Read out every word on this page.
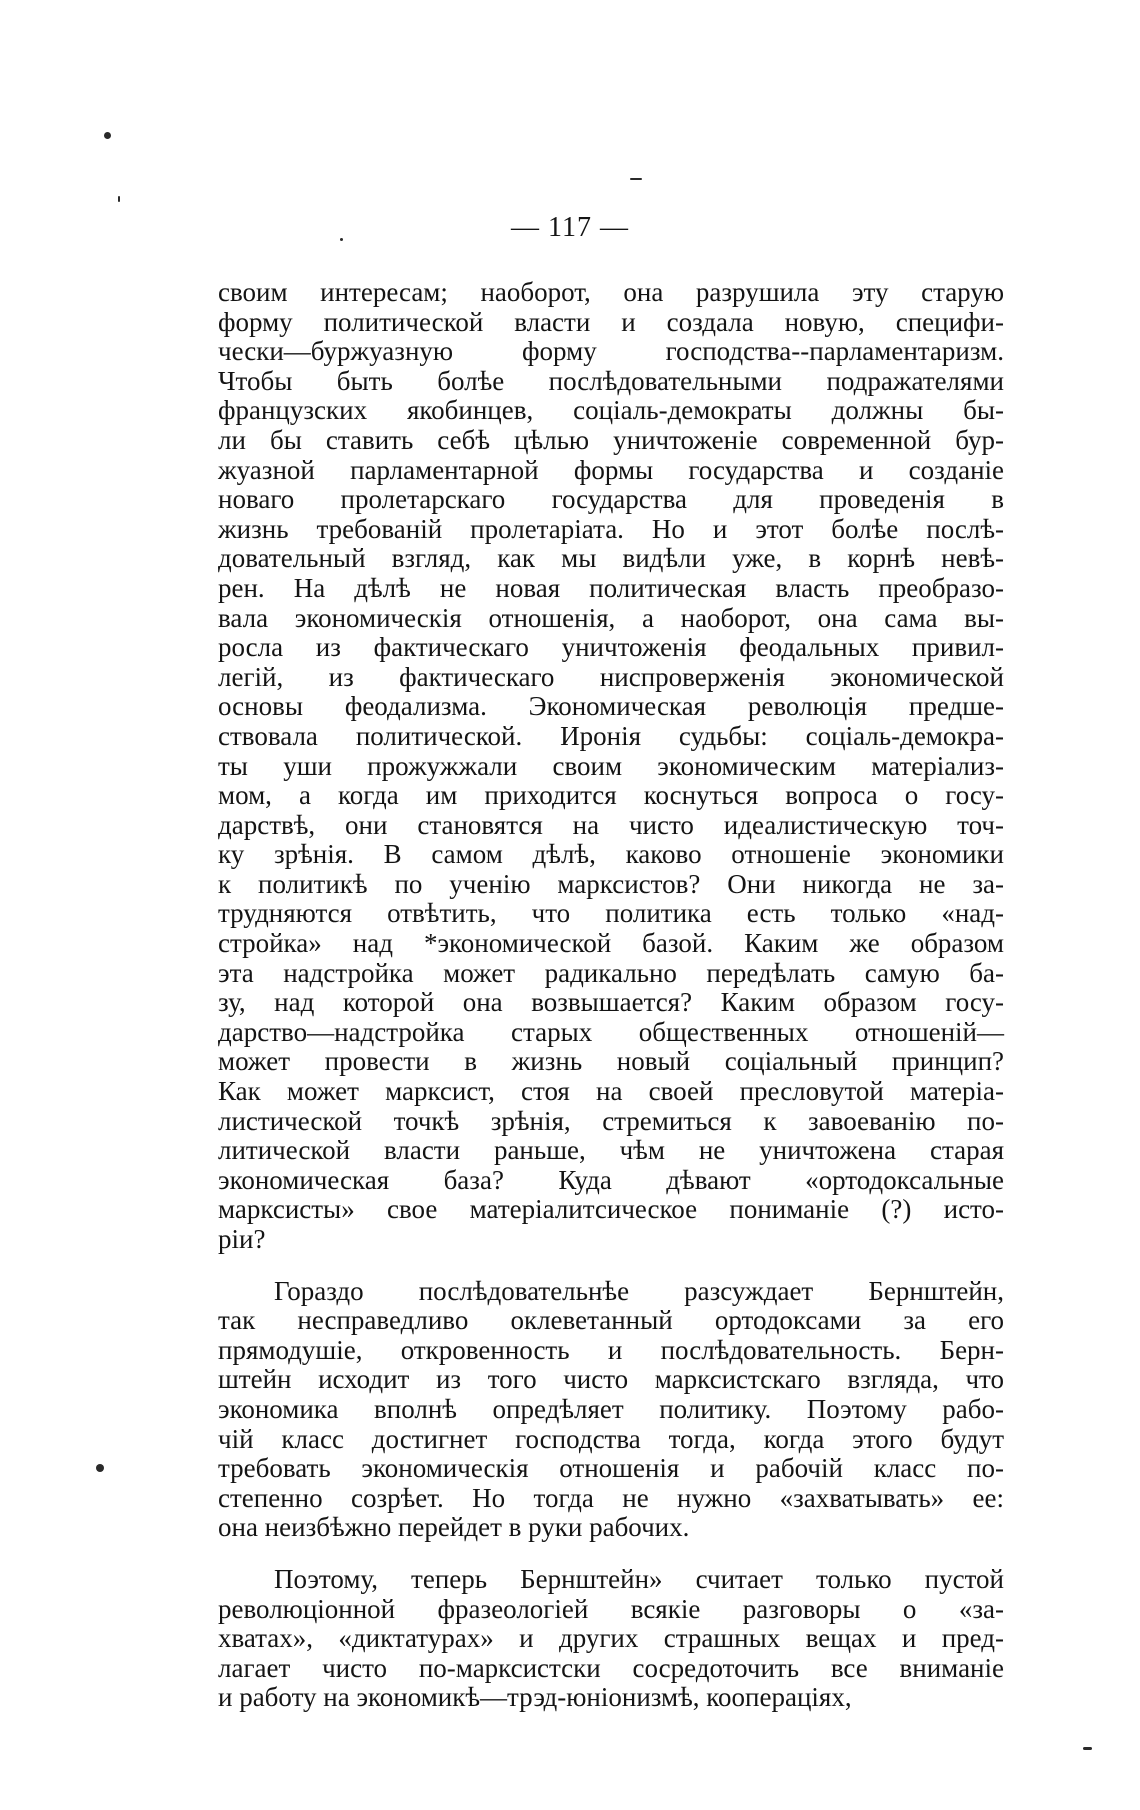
— 117 —
своим интересам; наоборот, она разрушила эту старую
форму политической власти и создала новую, специфи-
чески—буржуазную форму господства--парламентаризм.
Чтобы быть болѣе послѣдовательными подражателями
французских якобинцев, соціаль-демократы должны бы-
ли бы ставить себѣ цѣлью уничтоженіе современной бур-
жуазной парламентарной формы государства и созданіе
новаго пролетарскаго государства для проведенія в
жизнь требованій пролетаріата. Но и этот болѣе послѣ-
довательный взгляд, как мы видѣли уже, в корнѣ невѣ-
рен. На дѣлѣ не новая политическая власть преобразо-
вала экономическія отношенія, а наоборот, она сама вы-
росла из фактическаго уничтоженія феодальных привил-
легій, из фактическаго ниспроверженія экономической
основы феодализма. Экономическая революція предше-
ствовала политической. Иронія судьбы: соціаль-демокра-
ты уши прожужжали своим экономическим матеріализ-
мом, а когда им приходится коснуться вопроса о госу-
дарствѣ, они становятся на чисто идеалистическую точ-
ку зрѣнія. В самом дѣлѣ, каково отношеніе экономики
к политикѣ по ученію марксистов? Они никогда не за-
трудняются отвѣтить, что политика есть только «над-
стройка» над *экономической базой. Каким же образом
эта надстройка может радикально передѣлать самую ба-
зу, над которой она возвышается? Каким образом госу-
дарство—надстройка старых общественных отношеній—
может провести в жизнь новый соціальный принцип?
Как может марксист, стоя на своей пресловутой матеріа-
листической точкѣ зрѣнія, стремиться к завоеванію по-
литической власти раньше, чѣм не уничтожена старая
экономическая база? Куда дѣвают «ортодоксальные
марксисты» свое матеріалитсическое пониманіе (?) исто-
ріи?
Гораздо послѣдовательнѣе разсуждает Бернштейн,
так несправедливо оклеветанный ортодоксами за его
прямодушіе, откровенность и послѣдовательность. Берн-
штейн исходит из того чисто марксистскаго взгляда, что
экономика вполнѣ опредѣляет политику. Поэтому рабо-
чій класс достигнет господства тогда, когда этого будут
требовать экономическія отношенія и рабочій класс по-
степенно созрѣет. Но тогда не нужно «захватывать» ее:
она неизбѣжно перейдет в руки рабочих.
Поэтому, теперь Бернштейн» считает только пустой
революціонной фразеологіей всякіе разговоры о «за-
хватах», «диктатурах» и других страшных вещах и пред-
лагает чисто по-марксистски сосредоточить все вниманіе
и работу на экономикѣ—трэд-юніонизмѣ, коопераціях,
